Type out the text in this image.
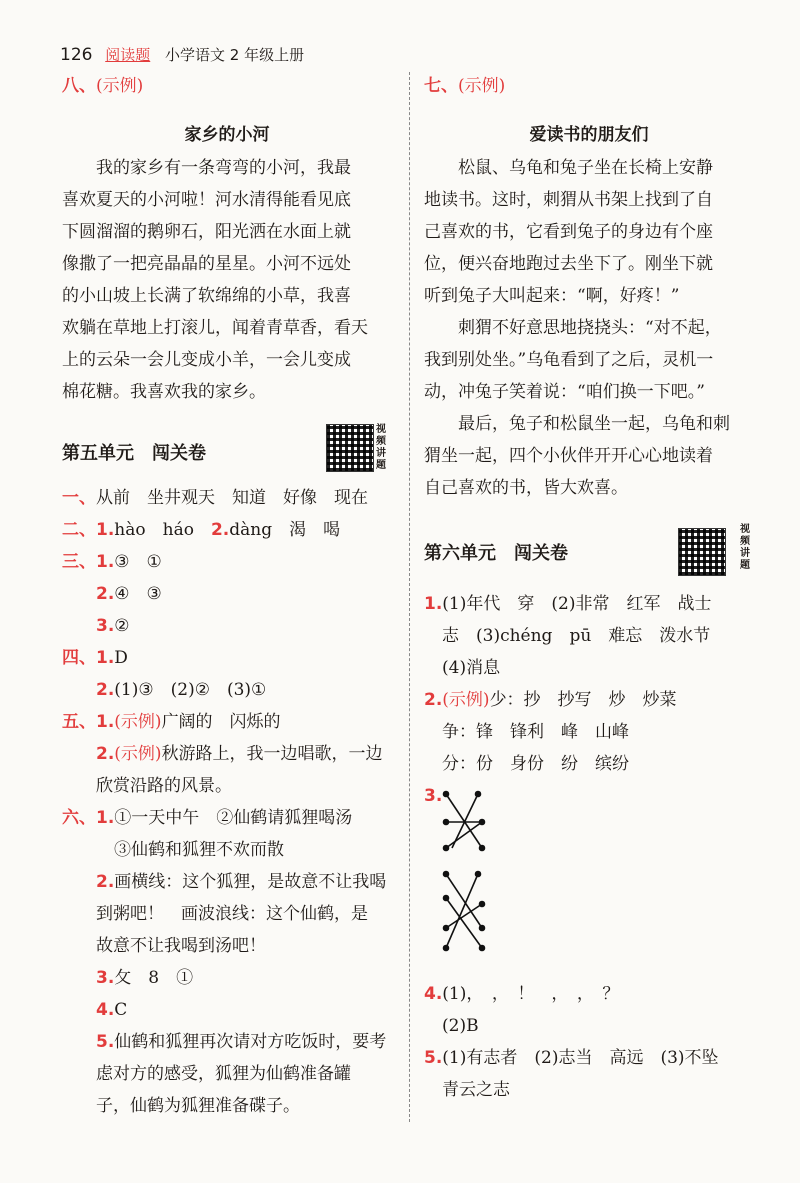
126 阅读题 小学语文 2 年级上册
八、(示例)
家乡的小河
我的家乡有一条弯弯的小河，我最
喜欢夏天的小河啦！河水清得能看见底
下圆溜溜的鹅卵石，阳光洒在水面上就
像撒了一把亮晶晶的星星。小河不远处
的小山坡上长满了软绵绵的小草，我喜
欢躺在草地上打滚儿，闻着青草香，看天
上的云朵一会儿变成小羊，一会儿变成
棉花糖。我喜欢我的家乡。
第五单元　闯关卷
视频讲题
一、从前　坐井观天　知道　好像　现在
二、1.hào　háo　 2.dàng　渴　喝
三、1.③　①
2.④　③
3.②
四、1.D
2.(1)③　(2)②　(3)①
五、1.(示例)广阔的　闪烁的
2.(示例)秋游路上，我一边唱歌，一边
欣赏沿路的风景。
六、1.①一天中午　②仙鹤请狐狸喝汤
③仙鹤和狐狸不欢而散
2.画横线：这个狐狸，是故意不让我喝
到粥吧！　画波浪线：这个仙鹤，是
故意不让我喝到汤吧！
3.攵　8　①
4.C
5.仙鹤和狐狸再次请对方吃饭时，要考
虑对方的感受，狐狸为仙鹤准备罐
子，仙鹤为狐狸准备碟子。
七、(示例)
爱读书的朋友们
松鼠、乌龟和兔子坐在长椅上安静
地读书。这时，刺猬从书架上找到了自
己喜欢的书，它看到兔子的身边有个座
位，便兴奋地跑过去坐下了。刚坐下就
听到兔子大叫起来：“啊，好疼！”
刺猬不好意思地挠挠头：“对不起，
我到别处坐。”乌龟看到了之后，灵机一
动，冲兔子笑着说：“咱们换一下吧。”
最后，兔子和松鼠坐一起，乌龟和刺
猬坐一起，四个小伙伴开开心心地读着
自己喜欢的书，皆大欢喜。
第六单元　闯关卷
视频讲题
1.(1)年代　穿　(2)非常　红军　战士
志　(3)chéng　pū　难忘　泼水节
(4)消息
2.(示例)少：抄　抄写　炒　炒菜
争：锋　锋利　峰　山峰
分：份　身份　纷　缤纷
3.
4.(1)，　，　！　，　，　？
(2)B
5.(1)有志者　(2)志当　高远　(3)不坠
青云之志
